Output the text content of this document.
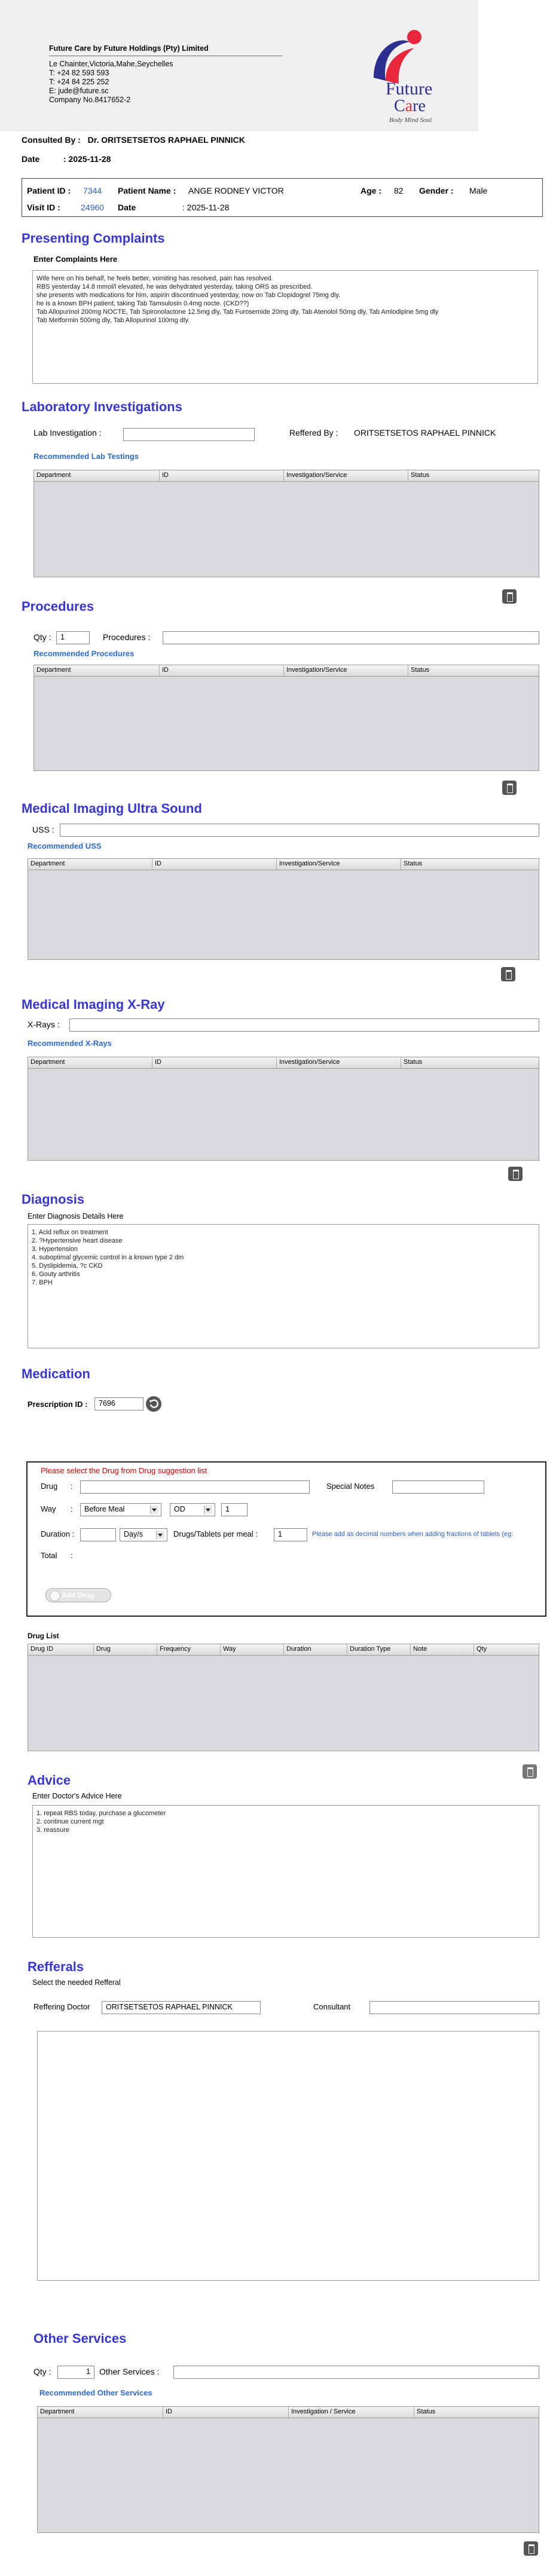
Future Care by Future Holdings (Pty) Limited
Le Chainter,Victoria,Mahe,Seychelles
T: +24 82 593 593
T: +24 84 225 252
E: jude@future.sc
Company No.8417652-2
Future
Care
Body Mind Soul
Consulted By : Dr. ORITSETSETOS RAPHAEL PINNICK
Date	: 2025-11-28
Patient ID : 7344 Patient Name : ANGE RODNEY VICTOR	Age : 82 Gender : Male
Visit ID : 24960 Date	: 2025-11-28
Presenting Complaints
Enter Complaints Here
Wife here on his behalf, he feels better, vomiting has resolved, pain has resolved.
RBS yesterday 14.8 mmol/l elevated, he was dehydrated yesterday, taking ORS as prescribed.
she presents with medications for him, aspirin discontinued yesterday, now on Tab Clopidogrel 75mg dly.
he is a known BPH patient, taking Tab Tamsulosin 0.4mg nocte. (CKD??)
Tab Allopurinol 200mg NOCTE, Tab Spironolactone 12.5mg dly, Tab Furosemide 20mg dly, Tab Atenolol 50mg dly, Tab Amlodipine 5mg dly
Tab Metformin 500mg dly, Tab Allopurinol 100mg dly.
Laboratory Investigations
Lab Investigation :	Reffered By : ORITSETSETOS RAPHAEL PINNICK
Recommended Lab Testings
Department	ID	Investigation/Service	Status
Procedures
Qty :	1	Procedures :
Recommended Procedures
Department	ID	Investigation/Service	Status
Medical Imaging Ultra Sound
USS :
Recommended USS
Department	ID	Investigation/Service	Status
Medical Imaging X-Ray
X-Rays :
Recommended X-Rays
Department	ID	Investigation/Service	Status
Diagnosis
Enter Diagnosis Details Here
1. Acid reflux on treatment
2. ?Hypertensive heart disease
3. Hypertension
4. suboptimal glycemic control in a known type 2 dm
5. Dyslipidemia, ?c CKD
6. Gouty arthritis
7. BPH
Medication
Prescription ID :	7696
Please select the Drug from Drug suggestion list
Drug :	Special Notes
Way :	Before Meal	OD	1
Duration :	Day/s	Drugs/Tablets per meal :	1	Please add as decimal numbers when adding fractions of tablets (eg:
Total :
Add Drug
Drug List
Drug ID	Drug	Frequency	Way	Duration	Duration Type	Note	Qty
Advice
Enter Doctor's Advice Here
1. repeat RBS today, purchase a glucometer
2. continue current mgt
3. reassure
Refferals
Select the needed Refferal
Reffering Doctor	ORITSETSETOS RAPHAEL PINNICK	Consultant
Other Services
Qty :	1	Other Services :
Recommended Other Services
Department	ID	Investigation / Service	Status
